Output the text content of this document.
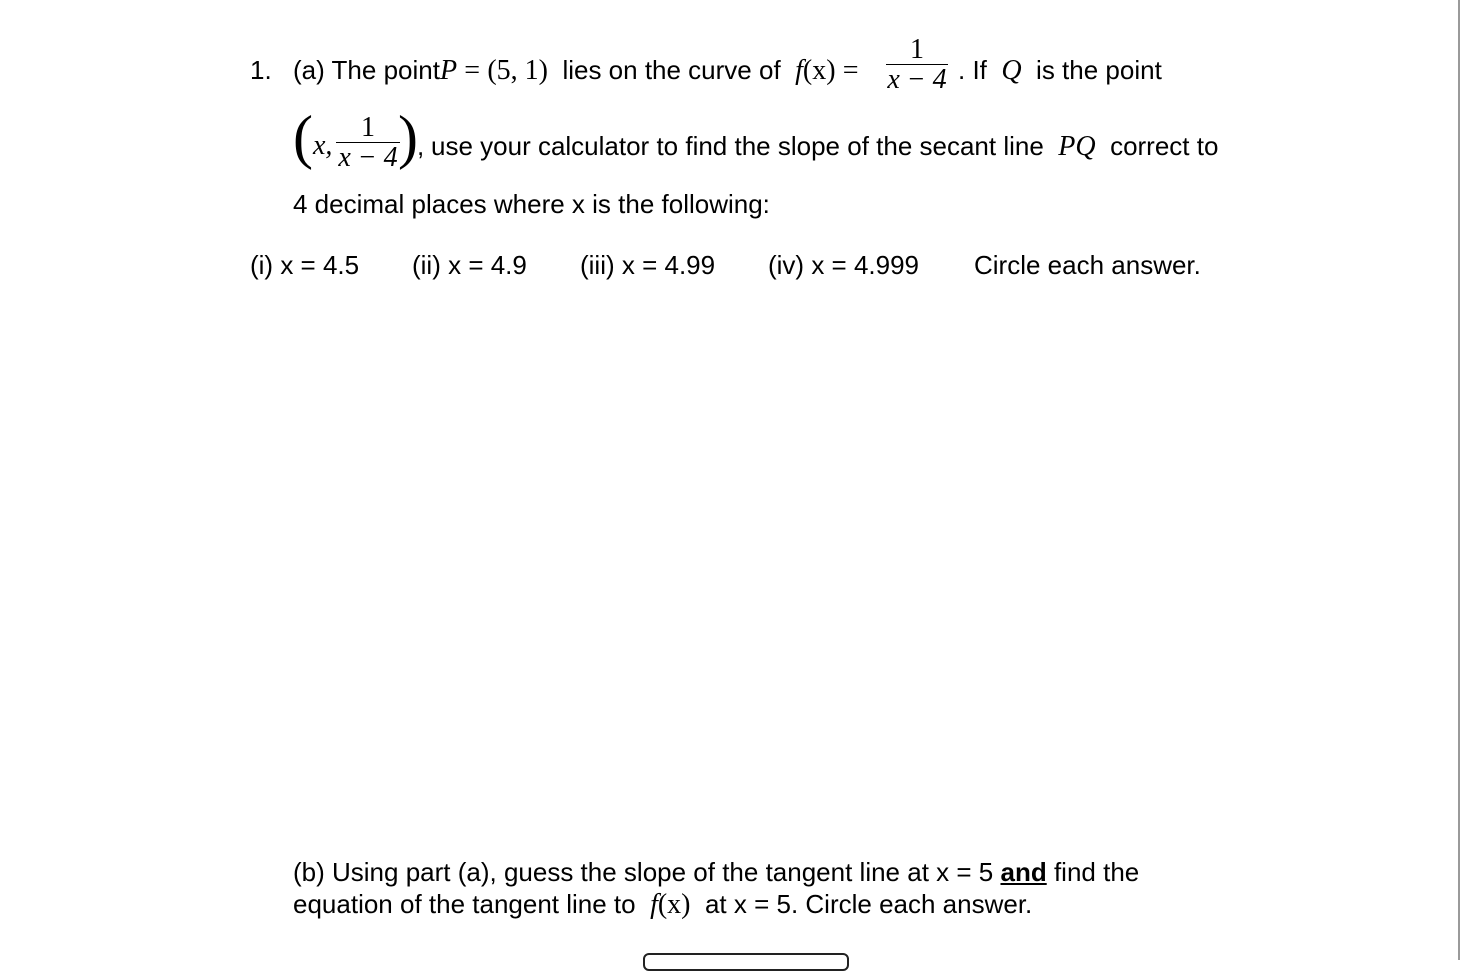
1. (a) The pointP = (5, 1) lies on the curve of f(x) =
1
x − 4 . If Q is the point
( x,
1
x − 4 ) , use your calculator to find the slope of the secant line PQ correct to
4 decimal places where x is the following:
(i) x = 4.5 (ii) x = 4.9 (iii) x = 4.99 (iv) x = 4.999 Circle each answer.
(b) Using part (a), guess the slope of the tangent line at x = 5 and find the
equation of the tangent line to f(x) at x = 5. Circle each answer.
